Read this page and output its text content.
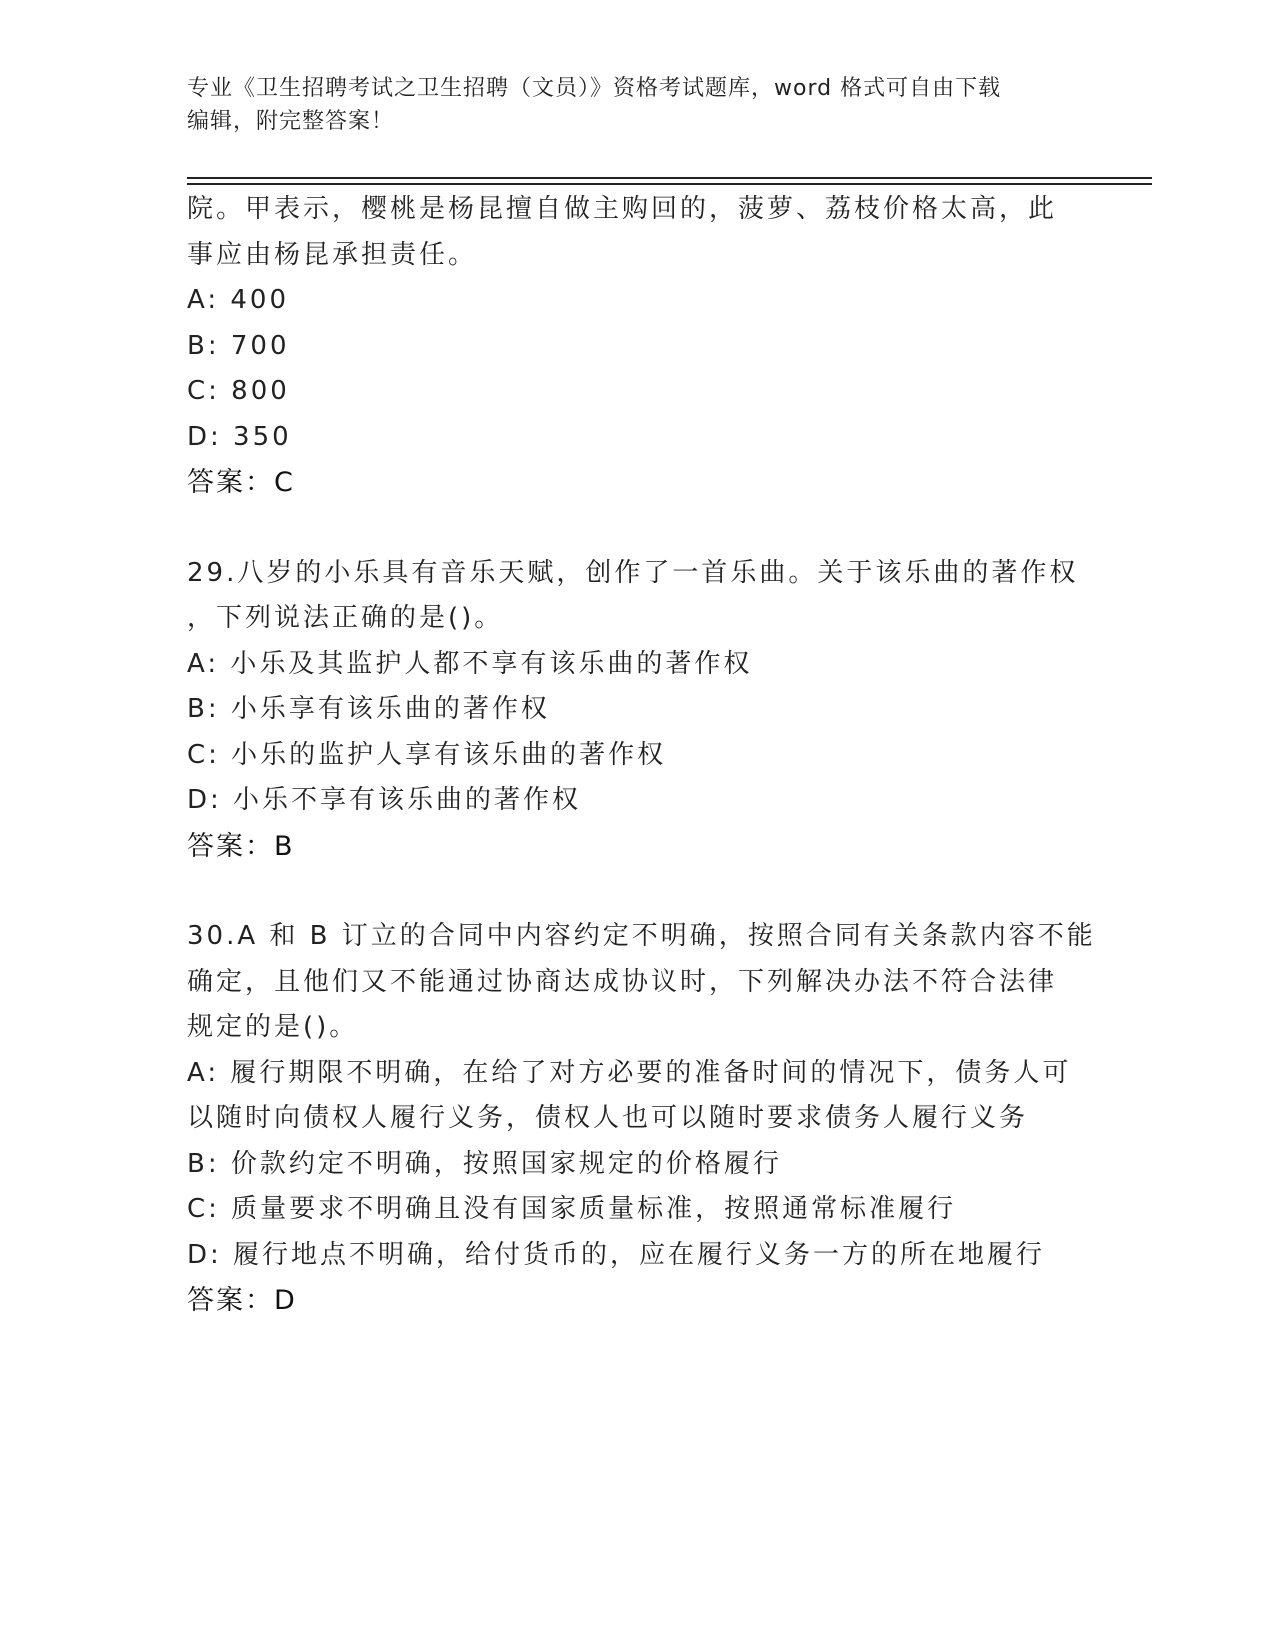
专业《卫生招聘考试之卫生招聘（文员）》资格考试题库，word 格式可自由下载
编辑，附完整答案！
院。甲表示，樱桃是杨昆擅自做主购回的，菠萝、荔枝价格太高，此
事应由杨昆承担责任。
A: 400
B: 700
C: 800
D: 350
答案：C
29.八岁的小乐具有音乐天赋，创作了一首乐曲。关于该乐曲的著作权
，下列说法正确的是()。
A: 小乐及其监护人都不享有该乐曲的著作权
B: 小乐享有该乐曲的著作权
C: 小乐的监护人享有该乐曲的著作权
D: 小乐不享有该乐曲的著作权
答案：B
30.A 和 B 订立的合同中内容约定不明确，按照合同有关条款内容不能
确定，且他们又不能通过协商达成协议时，下列解决办法不符合法律
规定的是()。
A: 履行期限不明确，在给了对方必要的准备时间的情况下，债务人可
以随时向债权人履行义务，债权人也可以随时要求债务人履行义务
B: 价款约定不明确，按照国家规定的价格履行
C: 质量要求不明确且没有国家质量标准，按照通常标准履行
D: 履行地点不明确，给付货币的，应在履行义务一方的所在地履行
答案：D
